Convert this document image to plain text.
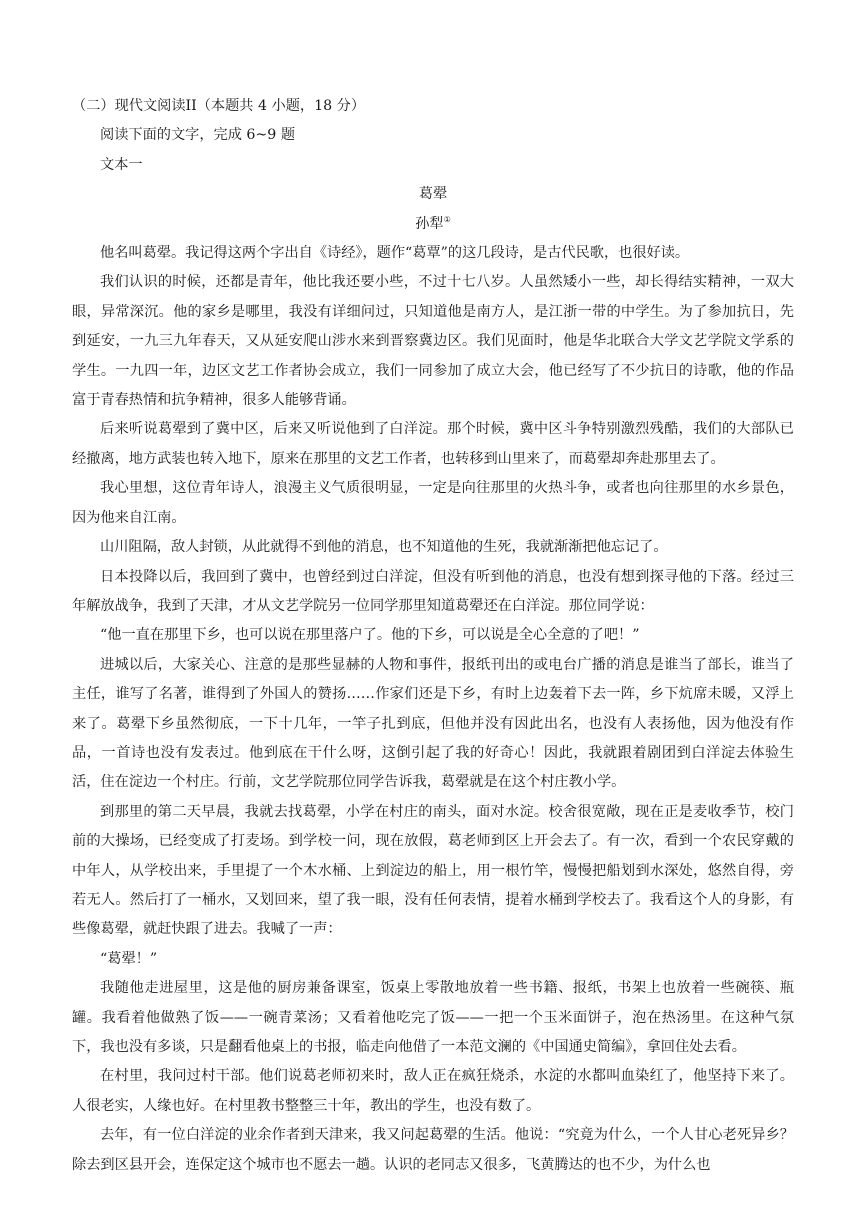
（二）现代文阅读II（本题共 4 小题，18 分）
阅读下面的文字，完成 6~9 题
文本一
葛翚
孙犁①

他名叫葛翚。我记得这两个字出自《诗经》，题作“葛覃”的这几段诗，是古代民歌，也很好读。

我们认识的时候，还都是青年，他比我还要小些，不过十七八岁。人虽然矮小一些，却长得结实精神，一双大眼，异常深沉。他的家乡是哪里，我没有详细问过，只知道他是南方人，是江浙一带的中学生。为了参加抗日，先到延安，一九三九年春天，又从延安爬山涉水来到晋察冀边区。我们见面时，他是华北联合大学文艺学院文学系的学生。一九四一年，边区文艺工作者协会成立，我们一同参加了成立大会，他已经写了不少抗日的诗歌，他的作品富于青春热情和抗争精神，很多人能够背诵。

后来听说葛翚到了冀中区，后来又听说他到了白洋淀。那个时候，冀中区斗争特别激烈残酷，我们的大部队已经撤离，地方武装也转入地下，原来在那里的文艺工作者，也转移到山里来了，而葛翚却奔赴那里去了。

我心里想，这位青年诗人，浪漫主义气质很明显，一定是向往那里的火热斗争，或者也向往那里的水乡景色，因为他来自江南。

山川阻隔，敌人封锁，从此就得不到他的消息，也不知道他的生死，我就渐渐把他忘记了。

日本投降以后，我回到了冀中，也曾经到过白洋淀，但没有听到他的消息，也没有想到探寻他的下落。经过三年解放战争，我到了天津，才从文艺学院另一位同学那里知道葛翚还在白洋淀。那位同学说：

“他一直在那里下乡，也可以说在那里落户了。他的下乡，可以说是全心全意的了吧！”

进城以后，大家关心、注意的是那些显赫的人物和事件，报纸刊出的或电台广播的消息是谁当了部长，谁当了主任，谁写了名著，谁得到了外国人的赞扬……作家们还是下乡，有时上边轰着下去一阵，乡下炕席未暖，又浮上来了。葛翚下乡虽然彻底，一下十几年，一竿子扎到底，但他并没有因此出名，也没有人表扬他，因为他没有作品，一首诗也没有发表过。他到底在干什么呀，这倒引起了我的好奇心！因此，我就跟着剧团到白洋淀去体验生活，住在淀边一个村庄。行前，文艺学院那位同学告诉我，葛翚就是在这个村庄教小学。

到那里的第二天早晨，我就去找葛翚，小学在村庄的南头，面对水淀。校舍很宽敞，现在正是麦收季节，校门前的大操场，已经变成了打麦场。到学校一问，现在放假，葛老师到区上开会去了。有一次，看到一个农民穿戴的中年人，从学校出来，手里提了一个木水桶、上到淀边的船上，用一根竹竿，慢慢把船划到水深处，悠然自得，旁若无人。然后打了一桶水，又划回来，望了我一眼，没有任何表情，提着水桶到学校去了。我看这个人的身影，有些像葛翚，就赶快跟了进去。我喊了一声：

“葛翚！”

我随他走进屋里，这是他的厨房兼备课室，饭桌上零散地放着一些书籍、报纸，书架上也放着一些碗筷、瓶罐。我看着他做熟了饭——一碗青菜汤；又看着他吃完了饭——一把一个玉米面饼子，泡在热汤里。在这种气氛下，我也没有多谈，只是翻看他桌上的书报，临走向他借了一本范文澜的《中国通史简编》，拿回住处去看。

在村里，我问过村干部。他们说葛老师初来时，敌人正在疯狂烧杀，水淀的水都叫血染红了，他坚持下来了。人很老实，人缘也好。在村里教书整整三十年，教出的学生，也没有数了。

去年，有一位白洋淀的业余作者到天津来，我又问起葛翚的生活。他说：“究竟为什么，一个人甘心老死异乡？除去到区县开会，连保定这个城市也不愿去一趟。认识的老同志又很多，飞黄腾达的也不少，为什么也
